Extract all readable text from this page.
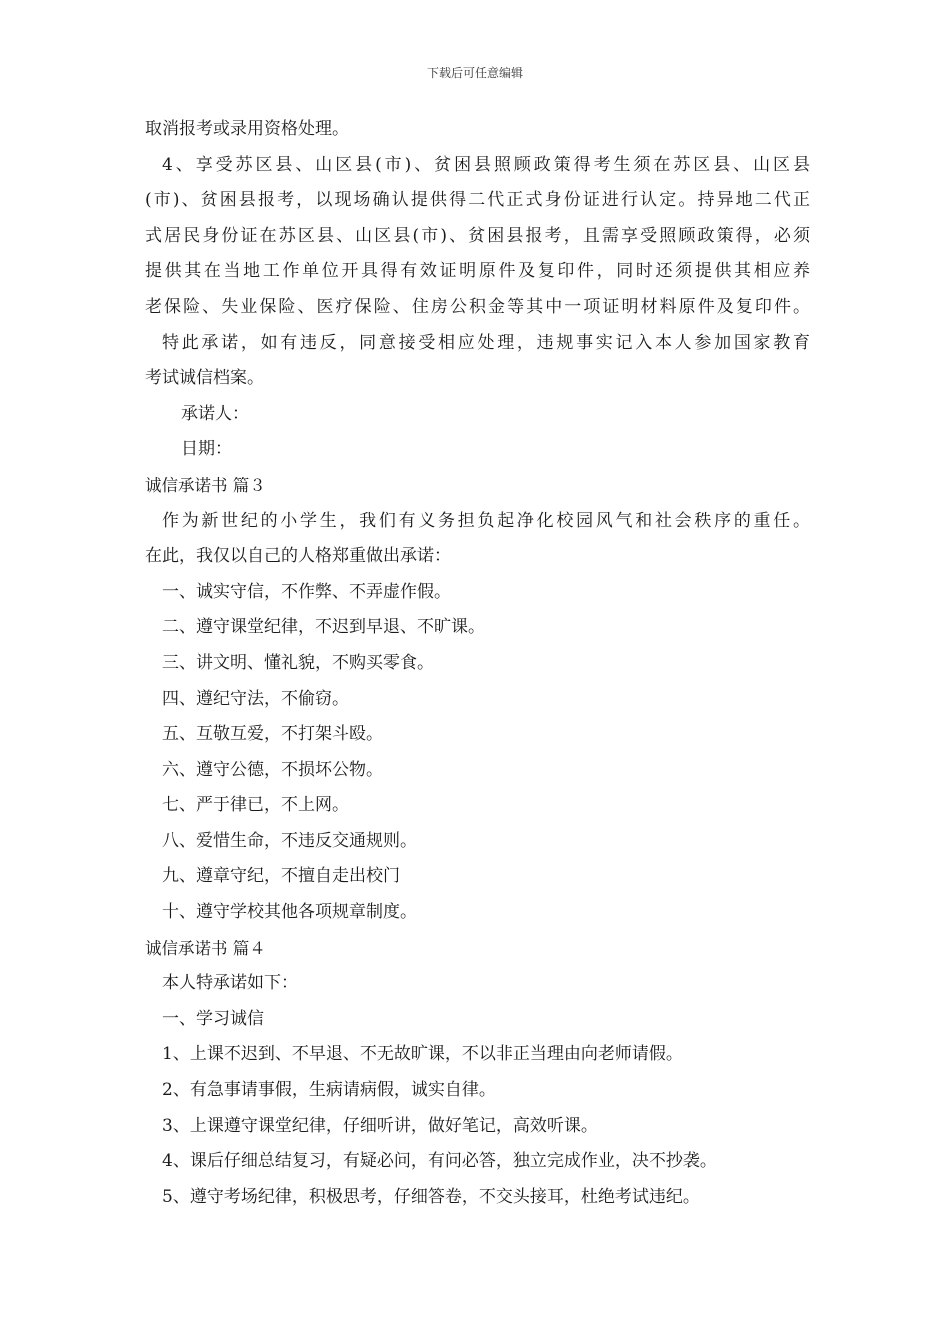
下载后可任意编辑
取消报考或录用资格处理。
4、享受苏区县、山区县(市)、贫困县照顾政策得考生须在苏区县、山区县
(市)、贫困县报考，以现场确认提供得二代正式身份证进行认定。持异地二代正
式居民身份证在苏区县、山区县(市)、贫困县报考，且需享受照顾政策得，必须
提供其在当地工作单位开具得有效证明原件及复印件，同时还须提供其相应养
老保险、失业保险、医疗保险、住房公积金等其中一项证明材料原件及复印件。
特此承诺，如有违反，同意接受相应处理，违规事实记入本人参加国家教育
考试诚信档案。
承诺人：
日期：
诚信承诺书 篇３
作为新世纪的小学生，我们有义务担负起净化校园风气和社会秩序的重任。
在此，我仅以自己的人格郑重做出承诺：
一、诚实守信，不作弊、不弄虚作假。
二、遵守课堂纪律，不迟到早退、不旷课。
三、讲文明、懂礼貌，不购买零食。
四、遵纪守法，不偷窃。
五、互敬互爱，不打架斗殴。
六、遵守公德，不损坏公物。
七、严于律已，不上网。
八、爱惜生命，不违反交通规则。
九、遵章守纪，不擅自走出校门
十、遵守学校其他各项规章制度。
诚信承诺书 篇４
本人特承诺如下：
一、学习诚信
1、上课不迟到、不早退、不无故旷课，不以非正当理由向老师请假。
2、有急事请事假，生病请病假，诚实自律。
3、上课遵守课堂纪律，仔细听讲，做好笔记，高效听课。
4、课后仔细总结复习，有疑必问，有问必答，独立完成作业，决不抄袭。
5、遵守考场纪律，积极思考，仔细答卷，不交头接耳，杜绝考试违纪。
